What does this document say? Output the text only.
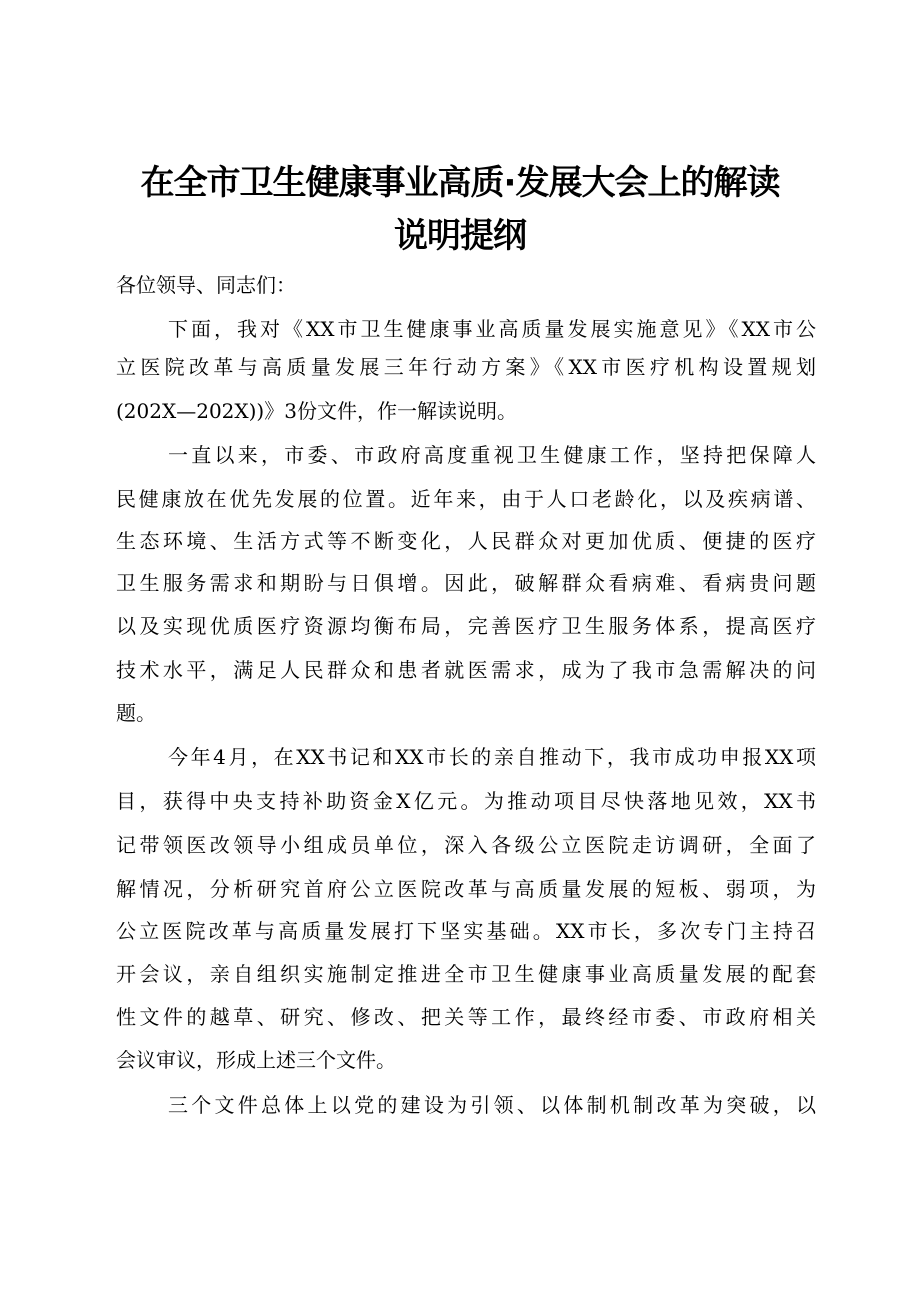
在全市卫生健康事业高质·发展大会上的解读
说明提纲

各位领导、同志们：

下面，我对《XX市卫生健康事业高质量发展实施意见》《XX市公

立医院改革与高质量发展三年行动方案》《XX市医疗机构设置规划

(202X—202X))》3份文件，作一解读说明。

一直以来，市委、市政府高度重视卫生健康工作，坚持把保障人

民健康放在优先发展的位置。近年来，由于人口老龄化，以及疾病谱、

生态环境、生活方式等不断变化，人民群众对更加优质、便捷的医疗

卫生服务需求和期盼与日俱增。因此，破解群众看病难、看病贵问题

以及实现优质医疗资源均衡布局，完善医疗卫生服务体系，提高医疗

技术水平，满足人民群众和患者就医需求，成为了我市急需解决的问

题。

今年4月，在XX书记和XX市长的亲自推动下，我市成功申报XX项

目，获得中央支持补助资金X亿元。为推动项目尽快落地见效，XX书

记带领医改领导小组成员单位，深入各级公立医院走访调研，全面了

解情况，分析研究首府公立医院改革与高质量发展的短板、弱项，为

公立医院改革与高质量发展打下坚实基础。XX市长，多次专门主持召

开会议，亲自组织实施制定推进全市卫生健康事业高质量发展的配套

性文件的越草、研究、修改、把关等工作，最终经市委、市政府相关

会议审议，形成上述三个文件。

三个文件总体上以党的建设为引领、以体制机制改革为突破，以
